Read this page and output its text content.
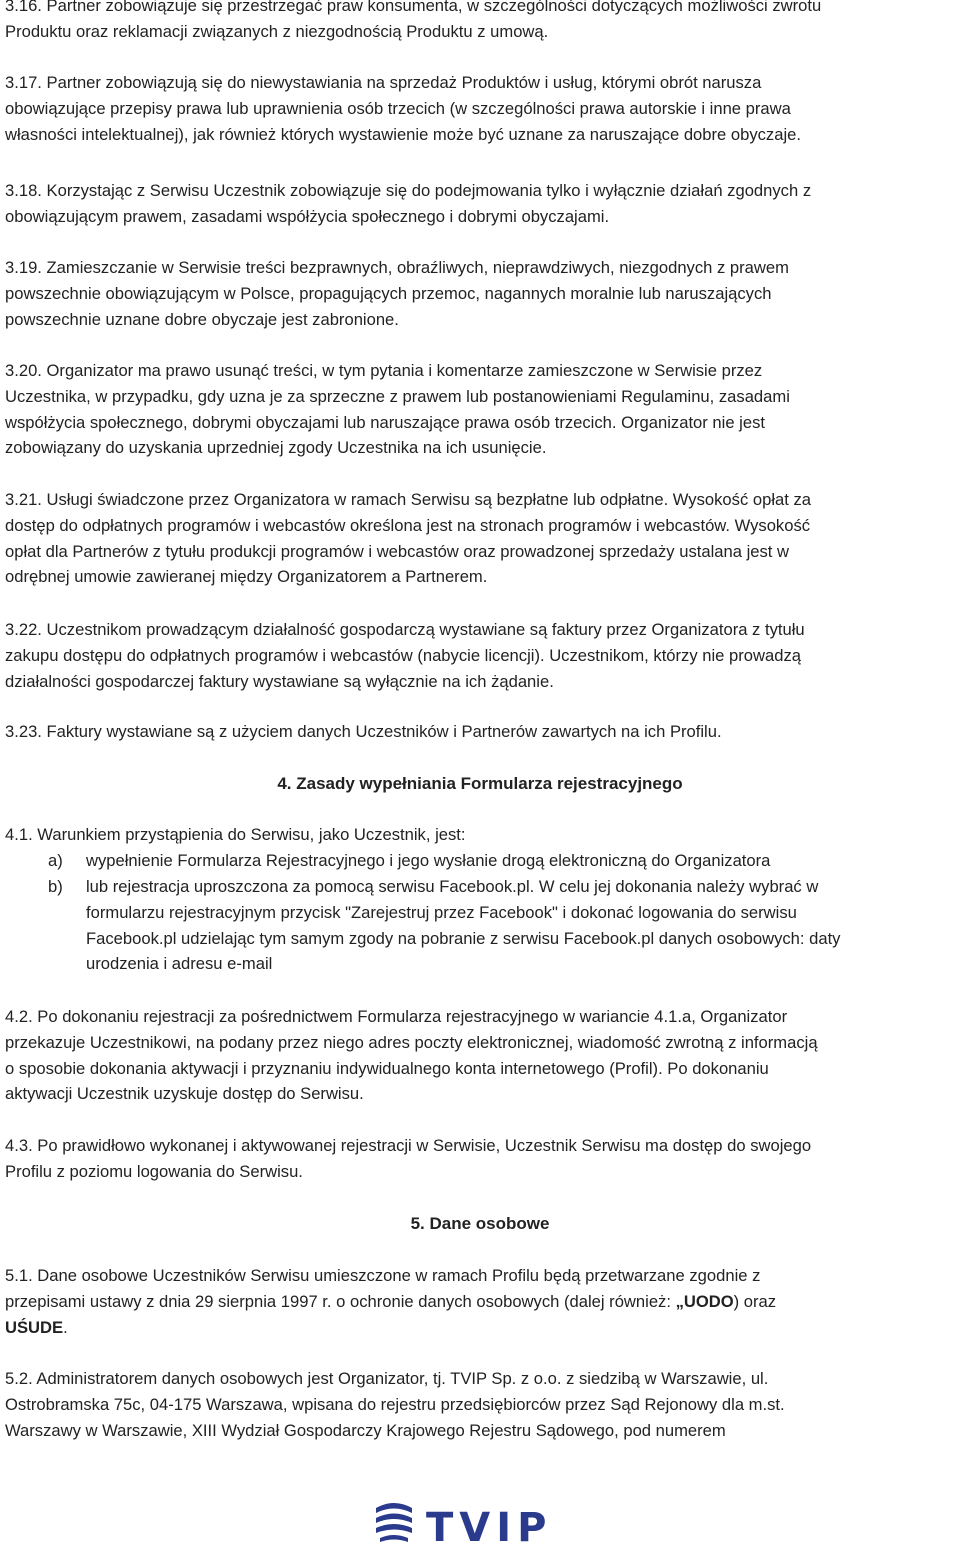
3.16. Partner zobowiązuje się przestrzegać praw konsumenta, w szczególności dotyczących możliwości zwrotu
Produktu oraz reklamacji związanych z niezgodnością Produktu z umową.
3.17. Partner zobowiązują się do niewystawiania na sprzedaż Produktów i usług, którymi obrót narusza
obowiązujące przepisy prawa lub uprawnienia osób trzecich (w szczególności prawa autorskie i inne prawa
własności intelektualnej), jak również których wystawienie może być uznane za naruszające dobre obyczaje.
3.18. Korzystając z Serwisu Uczestnik zobowiązuje się do podejmowania tylko i wyłącznie działań zgodnych z
obowiązującym prawem, zasadami współżycia społecznego i dobrymi obyczajami.
3.19. Zamieszczanie w Serwisie treści bezprawnych, obraźliwych, nieprawdziwych, niezgodnych z prawem
powszechnie obowiązującym w Polsce, propagujących przemoc, nagannych moralnie lub naruszających
powszechnie uznane dobre obyczaje jest zabronione.
3.20. Organizator ma prawo usunąć treści, w tym pytania i komentarze zamieszczone w Serwisie przez
Uczestnika, w przypadku, gdy uzna je za sprzeczne z prawem lub postanowieniami Regulaminu, zasadami
współżycia społecznego, dobrymi obyczajami lub naruszające prawa osób trzecich. Organizator nie jest
zobowiązany do uzyskania uprzedniej zgody Uczestnika na ich usunięcie.
3.21. Usługi świadczone przez Organizatora w ramach Serwisu są bezpłatne lub odpłatne. Wysokość opłat za
dostęp do odpłatnych programów i webcastów określona jest na stronach programów i webcastów. Wysokość
opłat dla Partnerów z tytułu produkcji programów i webcastów oraz prowadzonej sprzedaży ustalana jest w
odrębnej umowie zawieranej między Organizatorem a Partnerem.
3.22. Uczestnikom prowadzącym działalność gospodarczą wystawiane są faktury przez Organizatora z tytułu
zakupu dostępu do odpłatnych programów i webcastów (nabycie licencji). Uczestnikom, którzy nie prowadzą
działalności gospodarczej faktury wystawiane są wyłącznie na ich żądanie.
3.23. Faktury wystawiane są z użyciem danych Uczestników i Partnerów zawartych na ich Profilu.
4. Zasady wypełniania Formularza rejestracyjnego
4.1. Warunkiem przystąpienia do Serwisu, jako Uczestnik, jest:
a) wypełnienie Formularza Rejestracyjnego i jego wysłanie drogą elektroniczną do Organizatora
b) lub rejestracja uproszczona za pomocą serwisu Facebook.pl. W celu jej dokonania należy wybrać w
formularzu rejestracyjnym przycisk "Zarejestruj przez Facebook" i dokonać logowania do serwisu
Facebook.pl udzielając tym samym zgody na pobranie z serwisu Facebook.pl danych osobowych: daty
urodzenia i adresu e-mail
4.2. Po dokonaniu rejestracji za pośrednictwem Formularza rejestracyjnego w wariancie 4.1.a, Organizator
przekazuje Uczestnikowi, na podany przez niego adres poczty elektronicznej, wiadomość zwrotną z informacją
o sposobie dokonania aktywacji i przyznaniu indywidualnego konta internetowego (Profil). Po dokonaniu
aktywacji Uczestnik uzyskuje dostęp do Serwisu.
4.3. Po prawidłowo wykonanej i aktywowanej rejestracji w Serwisie, Uczestnik Serwisu ma dostęp do swojego
Profilu z poziomu logowania do Serwisu.
5. Dane osobowe
5.1. Dane osobowe Uczestników Serwisu umieszczone w ramach Profilu będą przetwarzane zgodnie z
przepisami ustawy z dnia 29 sierpnia 1997 r. o ochronie danych osobowych (dalej również: „UODO) oraz
UŚUDE.
5.2. Administratorem danych osobowych jest Organizator, tj. TVIP Sp. z o.o. z siedzibą w Warszawie, ul.
Ostrobramska 75c, 04-175 Warszawa, wpisana do rejestru przedsiębiorców przez Sąd Rejonowy dla m.st.
Warszawy w Warszawie, XIII Wydział Gospodarczy Krajowego Rejestru Sądowego, pod numerem
TVIP
